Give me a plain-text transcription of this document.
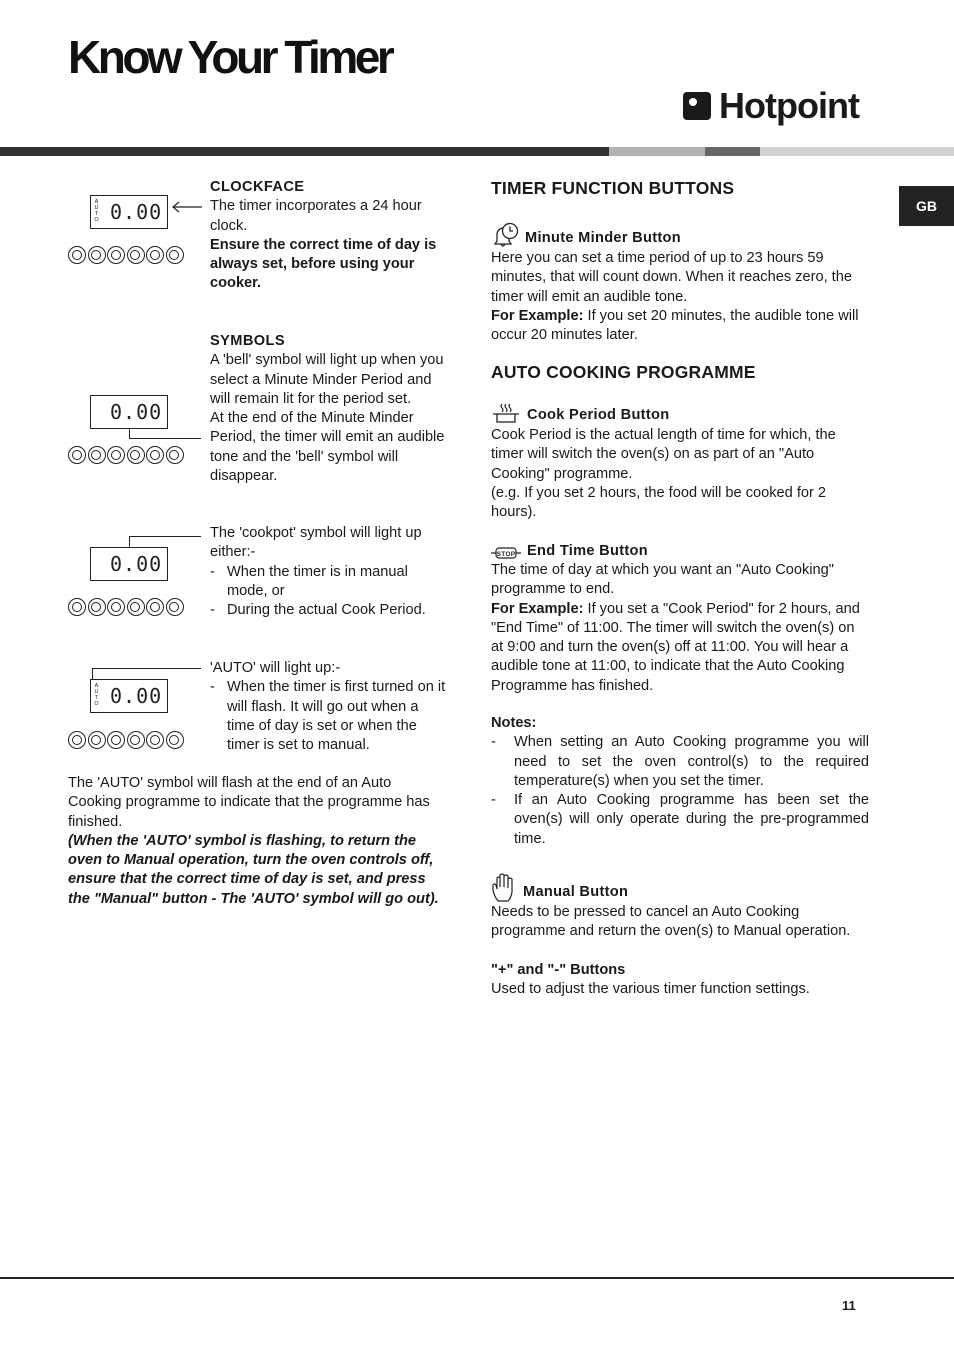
Know Your Timer
Hotpoint
GB
A
U
T
O 0.00
0.00
0.00
A
U
T
O 0.00

CLOCKFACE

The timer incorporates a 24 hour clock.

Ensure the correct time of day is always set, before using your cooker.

SYMBOLS

A 'bell' symbol will light up when you select a Minute Minder Period and will remain lit for the period set.

At the end of the Minute Minder Period, the timer will emit an audible tone and the 'bell' symbol will disappear.

The 'cookpot' symbol will light up either:-

- When the timer is in manual mode, or
- During the actual Cook Period.

'AUTO' will light up:-

- When the timer is first turned on it will flash. It will go out when a time of day is set or when the timer is set to manual.

The 'AUTO' symbol will flash at the end of an Auto Cooking programme to indicate that the programme has finished.

(When the 'AUTO' symbol is flashing, to return the oven to Manual operation, turn the oven controls off, ensure that the correct time of day is set, and press the "Manual" button - The 'AUTO' symbol will go out).

TIMER FUNCTION BUTTONS
Minute Minder Button

Here you can set a time period of up to 23 hours 59 minutes, that will count down. When it reaches zero, the timer will emit an audible tone.

For Example: If you set 20 minutes, the audible tone will occur 20 minutes later.

AUTO COOKING PROGRAMME
Cook Period Button

Cook Period is the actual length of time for which, the timer will switch the oven(s) on as part of an "Auto Cooking" programme.

(e.g. If you set 2 hours, the food will be cooked for 2 hours).

STOP End Time Button

The time of day at which you want an "Auto Cooking" programme to end.

For Example: If you set a "Cook Period" for 2 hours, and "End Time" of 11:00. The timer will switch the oven(s) on at 9:00 and turn the oven(s) off at 11:00. You will hear a audible tone at 11:00, to indicate that the Auto Cooking Programme has finished.

Notes:

-	When setting an Auto Cooking programme you will need to set the oven control(s) to the required temperature(s) when you set the timer.
-	If an Auto Cooking programme has been set the oven(s) will only operate during the pre-programmed time.
Manual Button

Needs to be pressed to cancel an Auto Cooking programme and return the oven(s) to Manual operation.

"+" and "-" Buttons

Used to adjust the various timer function settings.

11
